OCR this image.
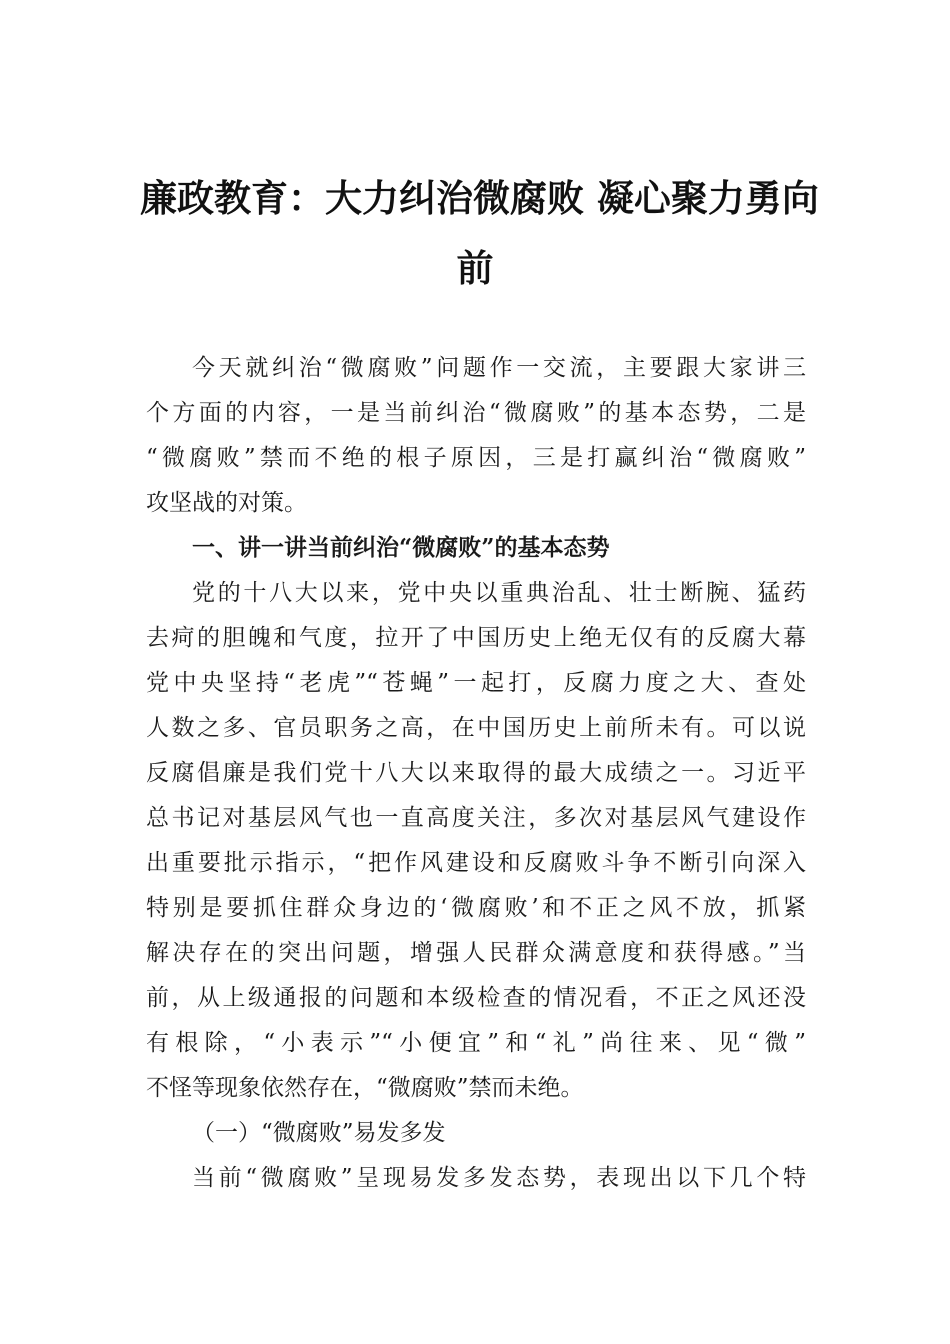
廉政教育：大力纠治微腐败 凝心聚力勇向
前
今天就纠治“微腐败”问题作一交流，主要跟大家讲三
个方面的内容，一是当前纠治“微腐败”的基本态势，二是
“微腐败”禁而不绝的根子原因，三是打赢纠治“微腐败”
攻坚战的对策。
一、讲一讲当前纠治“微腐败”的基本态势
党的十八大以来，党中央以重典治乱、壮士断腕、猛药
去疴的胆魄和气度，拉开了中国历史上绝无仅有的反腐大幕
党中央坚持“老虎”“苍蝇”一起打，反腐力度之大、查处
人数之多、官员职务之高，在中国历史上前所未有。可以说
反腐倡廉是我们党十八大以来取得的最大成绩之一。习近平
总书记对基层风气也一直高度关注，多次对基层风气建设作
出重要批示指示，“把作风建设和反腐败斗争不断引向深入
特别是要抓住群众身边的‘微腐败’和不正之风不放，抓紧
解决存在的突出问题，增强人民群众满意度和获得感。”当
前，从上级通报的问题和本级检查的情况看，不正之风还没
有根除，“小表示”“小便宜”和“礼”尚往来、见“微”
不怪等现象依然存在，“微腐败”禁而未绝。
（一）“微腐败”易发多发
当前“微腐败”呈现易发多发态势，表现出以下几个特
